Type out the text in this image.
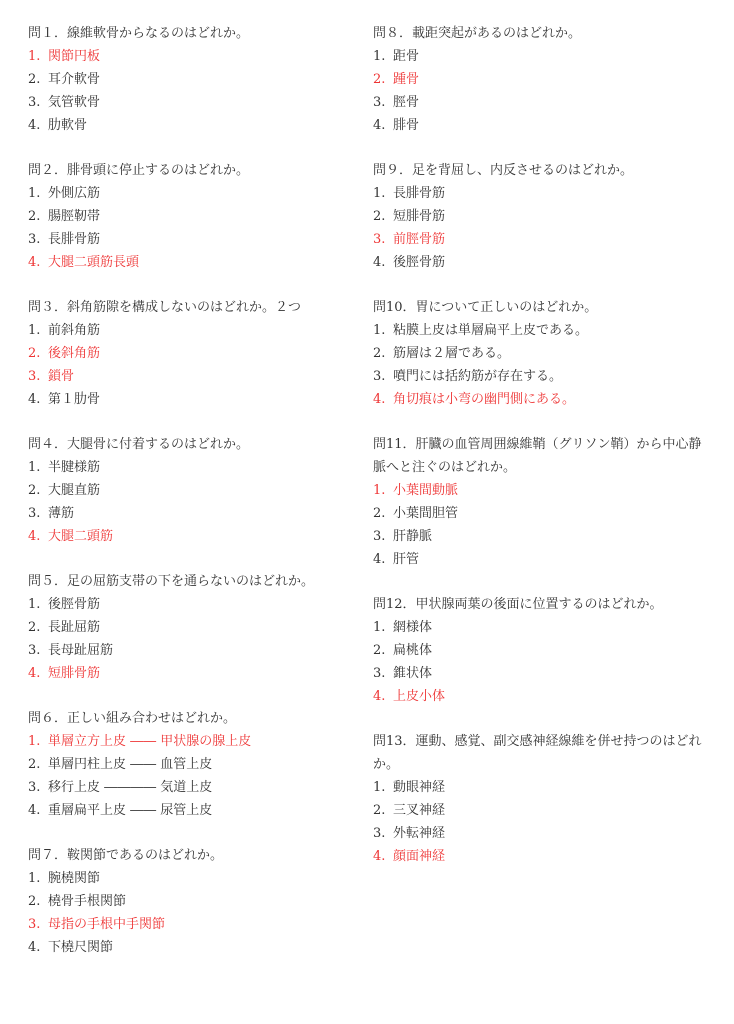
問１．線維軟骨からなるのはどれか。
1. 関節円板
2. 耳介軟骨
3. 気管軟骨
4. 肋軟骨
問２．腓骨頭に停止するのはどれか。
1. 外側広筋
2. 腸脛靭帯
3. 長腓骨筋
4. 大腿二頭筋長頭
問３．斜角筋隙を構成しないのはどれか。２つ
1. 前斜角筋
2. 後斜角筋
3. 鎖骨
4. 第１肋骨
問４．大腿骨に付着するのはどれか。
1. 半腱様筋
2. 大腿直筋
3. 薄筋
4. 大腿二頭筋
問５．足の屈筋支帯の下を通らないのはどれか。
1. 後脛骨筋
2. 長趾屈筋
3. 長母趾屈筋
4. 短腓骨筋
問６．正しい組み合わせはどれか。
1. 単層立方上皮 ―― 甲状腺の腺上皮
2. 単層円柱上皮 ―― 血管上皮
3. 移行上皮 ―――― 気道上皮
4. 重層扁平上皮 ―― 尿管上皮
問７．鞍関節であるのはどれか。
1. 腕橈関節
2. 橈骨手根関節
3. 母指の手根中手関節
4. 下橈尺関節
問８．載距突起があるのはどれか。
1. 距骨
2. 踵骨
3. 脛骨
4. 腓骨
問９．足を背屈し、内反させるのはどれか。
1. 長腓骨筋
2. 短腓骨筋
3. 前脛骨筋
4. 後脛骨筋
問10．胃について正しいのはどれか。
1. 粘膜上皮は単層扁平上皮である。
2. 筋層は２層である。
3. 噴門には括約筋が存在する。
4. 角切痕は小弯の幽門側にある。
問11．肝臓の血管周囲線維鞘（グリソン鞘）から中心静脈へと注ぐのはどれか。
1. 小葉間動脈
2. 小葉間胆管
3. 肝静脈
4. 肝管
問12．甲状腺両葉の後面に位置するのはどれか。
1. 網様体
2. 扁桃体
3. 錐状体
4. 上皮小体
問13．運動、感覚、副交感神経線維を併せ持つのはどれか。
1. 動眼神経
2. 三叉神経
3. 外転神経
4. 顔面神経
